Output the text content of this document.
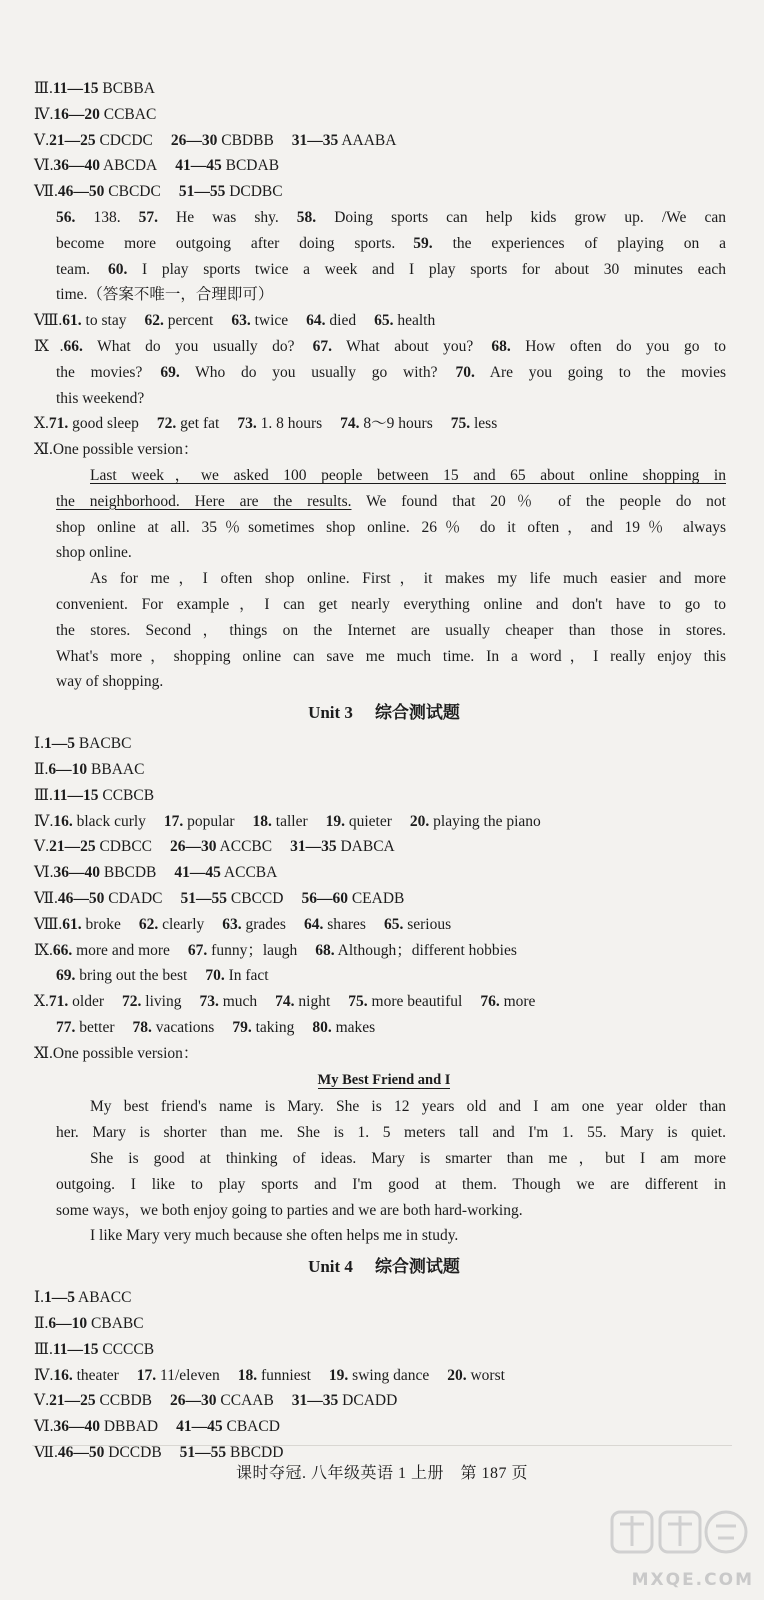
Ⅲ.11—15 BCBBA
Ⅳ.16—20 CCBAC
Ⅴ.21—25 CDCDC 26—30 CBDBB 31—35 AAABA
Ⅵ.36—40 ABCDA 41—45 BCDAB
Ⅶ.46—50 CBCDC 51—55 DCDBC
56. 138. 57. He was shy. 58. Doing sports can help kids grow up. /We can
become more outgoing after doing sports. 59. the experiences of playing on a
team. 60. I play sports twice a week and I play sports for about 30 minutes each
time.（答案不唯一，合理即可）
Ⅷ.61. to stay 62. percent 63. twice 64. died 65. health
Ⅸ.66. What do you usually do? 67. What about you? 68. How often do you go to
the movies? 69. Who do you usually go with? 70. Are you going to the movies
this weekend?
Ⅹ.71. good sleep 72. get fat 73. 1. 8 hours 74. 8～9 hours 75. less
Ⅺ.One possible version：
Last week，we asked 100 people between 15 and 65 about online shopping in
the neighborhood. Here are the results. We found that 20％ of the people do not
shop online at all. 35％sometimes shop online. 26％ do it often，and 19％ always
shop online.
As for me，I often shop online. First，it makes my life much easier and more
convenient. For example，I can get nearly everything online and don't have to go to
the stores. Second，things on the Internet are usually cheaper than those in stores.
What's more，shopping online can save me much time. In a word，I really enjoy this
way of shopping.
Unit 3 综合测试题
Ⅰ.1—5 BACBC
Ⅱ.6—10 BBAAC
Ⅲ.11—15 CCBCB
Ⅳ.16. black curly 17. popular 18. taller 19. quieter 20. playing the piano
Ⅴ.21—25 CDBCC 26—30 ACCBC 31—35 DABCA
Ⅵ.36—40 BBCDB 41—45 ACCBA
Ⅶ.46—50 CDADC 51—55 CBCCD 56—60 CEADB
Ⅷ.61. broke 62. clearly 63. grades 64. shares 65. serious
Ⅸ.66. more and more 67. funny；laugh 68. Although；different hobbies
69. bring out the best 70. In fact
Ⅹ.71. older 72. living 73. much 74. night 75. more beautiful 76. more
77. better 78. vacations 79. taking 80. makes
Ⅺ.One possible version：
My Best Friend and I
My best friend's name is Mary. She is 12 years old and I am one year older than
her. Mary is shorter than me. She is 1. 5 meters tall and I'm 1. 55. Mary is quiet.
She is good at thinking of ideas. Mary is smarter than me，but I am more
outgoing. I like to play sports and I'm good at them. Though we are different in
some ways，we both enjoy going to parties and we are both hard-working.
I like Mary very much because she often helps me in study.
Unit 4 综合测试题
Ⅰ.1—5 ABACC
Ⅱ.6—10 CBABC
Ⅲ.11—15 CCCCB
Ⅳ.16. theater 17. 11/eleven 18. funniest 19. swing dance 20. worst
Ⅴ.21—25 CCBDB 26—30 CCAAB 31—35 DCADD
Ⅵ.36—40 DBBAD 41—45 CBACD
Ⅶ.46—50 DCCDB 51—55 BBCDD
课时夺冠. 八年级英语 1 上册　第 187 页
MXQE.COM
